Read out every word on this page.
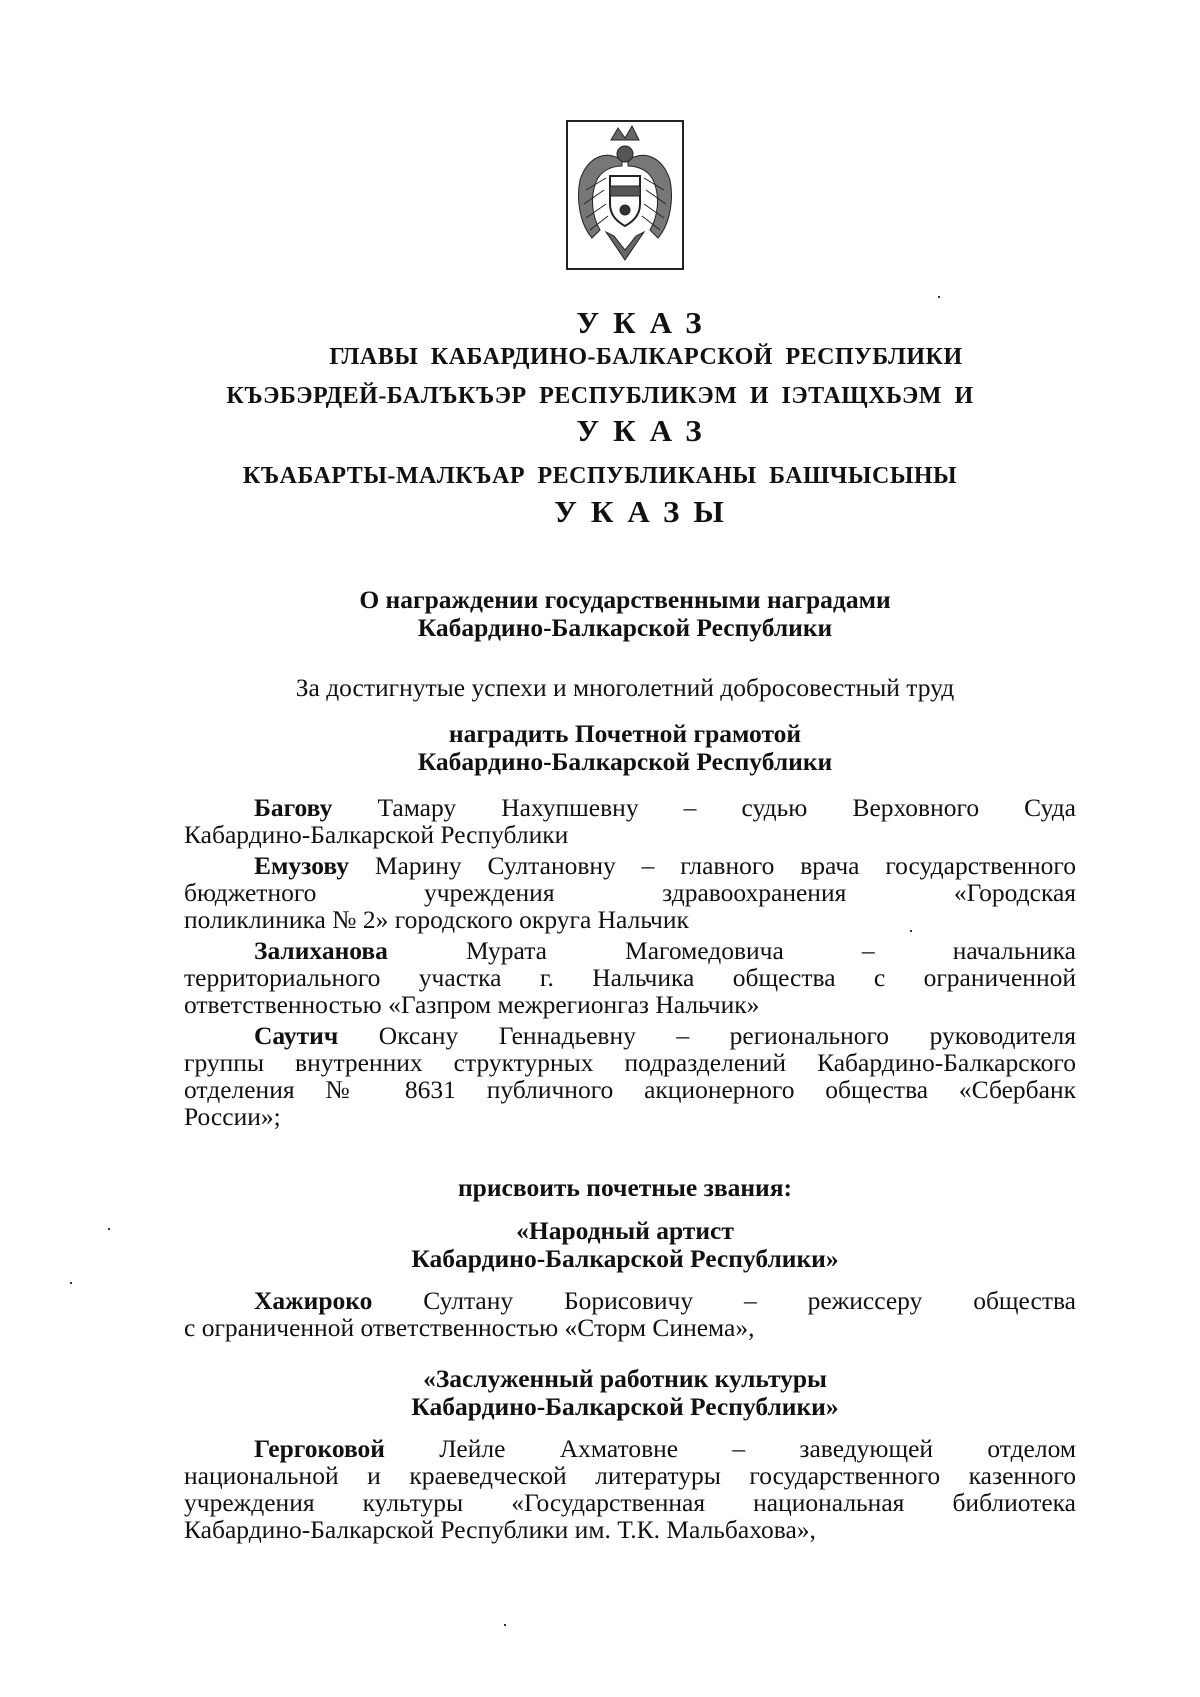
УКАЗ
ГЛАВЫ КАБАРДИНО-БАЛКАРСКОЙ РЕСПУБЛИКИ
КЪЭБЭРДЕЙ-БАЛЪКЪЭР РЕСПУБЛИКЭМ И IЭТАЩХЬЭМ И
УКАЗ
КЪАБАРТЫ-МАЛКЪАР РЕСПУБЛИКАНЫ БАШЧЫСЫНЫ
УКАЗЫ
О награждении государственными наградами
Кабардино-Балкарской Республики
За достигнутые успехи и многолетний добросовестный труд
наградить Почетной грамотой
Кабардино-Балкарской Республики
Багову Тамару Нахупшевну – судью Верховного Суда
Кабардино-Балкарской Республики
Емузову Марину Султановну – главного врача государственного
бюджетного учреждения здравоохранения «Городская
поликлиника № 2» городского округа Нальчик
Залиханова Мурата Магомедовича – начальника
территориального участка г. Нальчика общества с ограниченной
ответственностью «Газпром межрегионгаз Нальчик»
Саутич Оксану Геннадьевну – регионального руководителя
группы внутренних структурных подразделений Кабардино-Балкарского
отделения № 8631 публичного акционерного общества «Сбербанк
России»;
присвоить почетные звания:
«Народный артист
Кабардино-Балкарской Республики»
Хажироко Султану Борисовичу – режиссеру общества
с ограниченной ответственностью «Сторм Синема»,
«Заслуженный работник культуры
Кабардино-Балкарской Республики»
Гергоковой Лейле Ахматовне – заведующей отделом
национальной и краеведческой литературы государственного казенного
учреждения культуры «Государственная национальная библиотека
Кабардино-Балкарской Республики им. Т.К. Мальбахова»,
